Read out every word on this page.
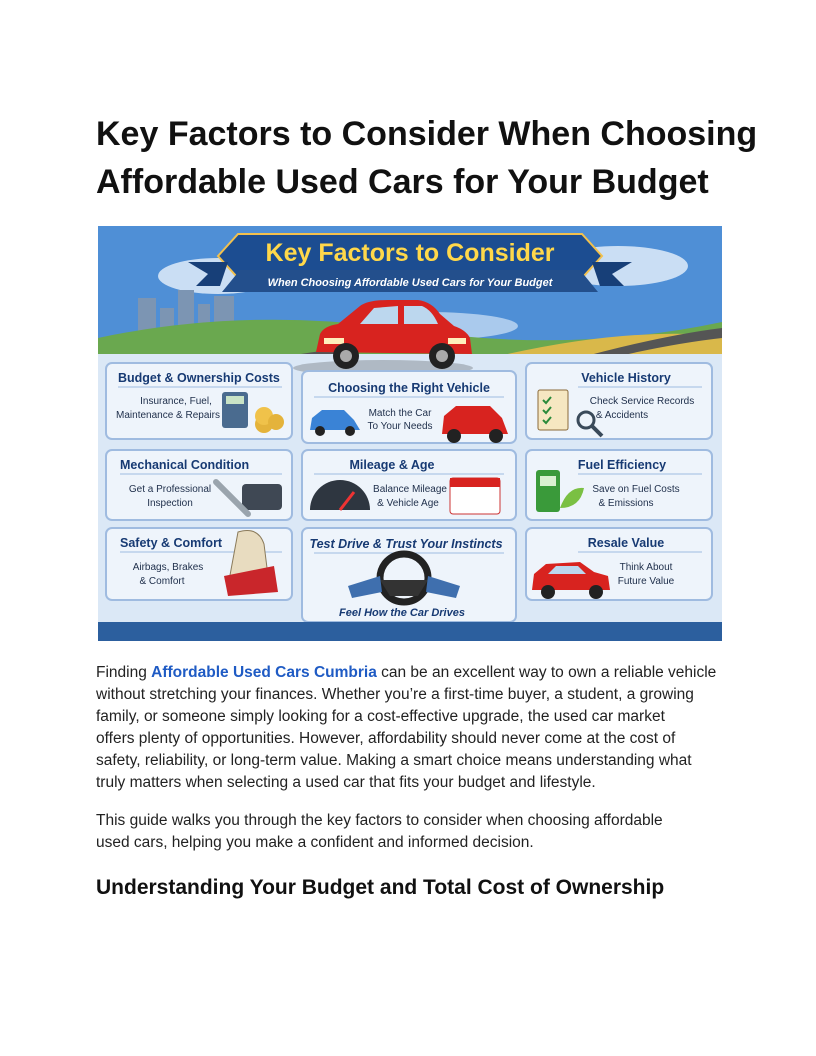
Key Factors to Consider When Choosing
Affordable Used Cars for Your Budget
Key Factors to Consider
When Choosing Affordable Used Cars for Your Budget
Budget & Ownership Costs
Insurance, Fuel,
Maintenance & Repairs
Choosing the Right Vehicle
Match the Car
To Your Needs
Vehicle History
Check Service Records
& Accidents
Mechanical Condition
Get a Professional
Inspection
Mileage & Age
Balance Mileage
& Vehicle Age
Fuel Efficiency
Save on Fuel Costs
& Emissions
Safety & Comfort
Airbags, Brakes
& Comfort
Test Drive & Trust Your Instincts
Feel How the Car Drives
Resale Value
Think About
Future Value

Finding Affordable Used Cars Cumbria can be an excellent way to own a reliable vehicle
without stretching your finances. Whether you’re a first-time buyer, a student, a growing
family, or someone simply looking for a cost-effective upgrade, the used car market
offers plenty of opportunities. However, affordability should never come at the cost of
safety, reliability, or long-term value. Making a smart choice means understanding what
truly matters when selecting a used car that fits your budget and lifestyle.

This guide walks you through the key factors to consider when choosing affordable
used cars, helping you make a confident and informed decision.

Understanding Your Budget and Total Cost of Ownership
